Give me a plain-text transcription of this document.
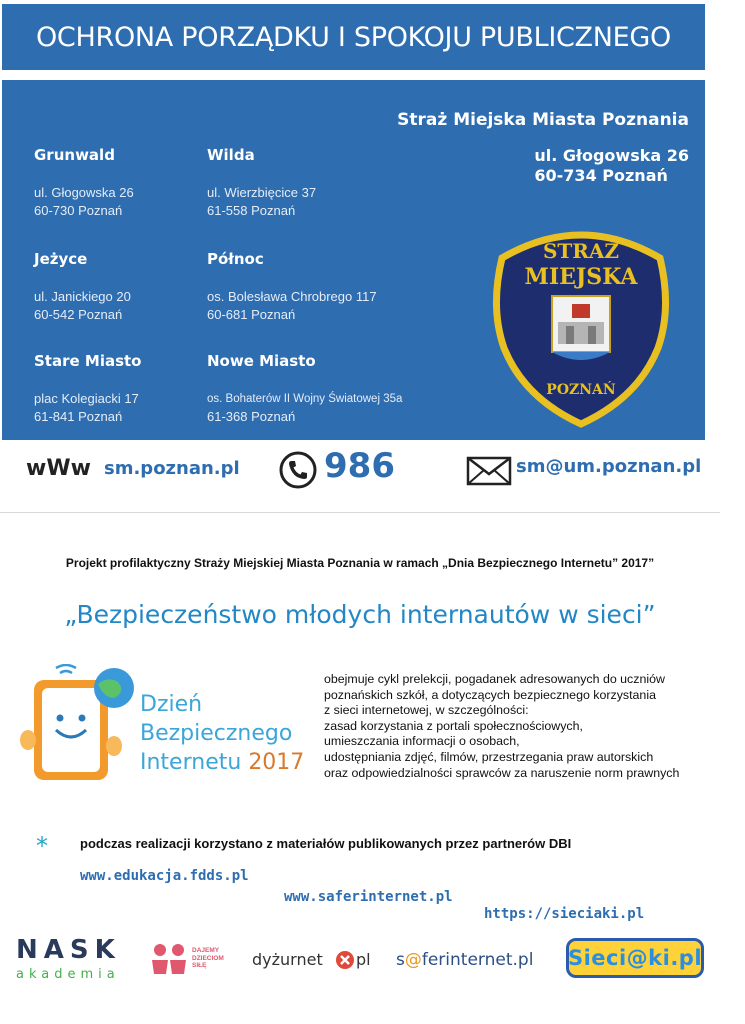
OCHRONA PORZĄDKU I SPOKOJU PUBLICZNEGO
Grunwald
ul. Głogowska 26
60-730 Poznań
Wilda
ul. Wierzbięcice 37
61-558 Poznań
Jeżyce
ul. Janickiego 20
60-542 Poznań
Północ
os. Bolesława Chrobrego 117
60-681 Poznań
Stare Miasto
plac Kolegiacki 17
61-841 Poznań
Nowe Miasto
os. Bohaterów II Wojny Światowej 35a
61-368 Poznań
Straż Miejska Miasta Poznania
ul. Głogowska 26
60-734 Poznań
STRAŻ
MIEJSKA
POZNAŃ
wWw sm.poznan.pl 986	sm@um.poznan.pl
Projekt profilaktyczny Straży Miejskiej Miasta Poznania w ramach „Dnia Bezpiecznego Internetu” 2017”
„Bezpieczeństwo młodych internautów w sieci”
Dzień
Bezpiecznego
Internetu 2017
obejmuje cykl prelekcji, pogadanek adresowanych do uczniów
poznańskich szkół, a dotyczących bezpiecznego korzystania
z sieci internetowej, w szczególności:
zasad korzystania z portali społecznościowych,
umieszczania informacji o osobach,
udostępniania zdjęć, filmów, przestrzegania praw autorskich
oraz odpowiedzialności sprawców za naruszenie norm prawnych
* podczas realizacji korzystano z materiałów publikowanych przez partnerów DBI
www.edukacja.fdds.pl
www.saferinternet.pl
https://sieciaki.pl
NASK
akademia
DAJEMY DZIECIOM SIŁĘ	dyżurnet pl s@ferinternet.pl Sieci@ki.pl
